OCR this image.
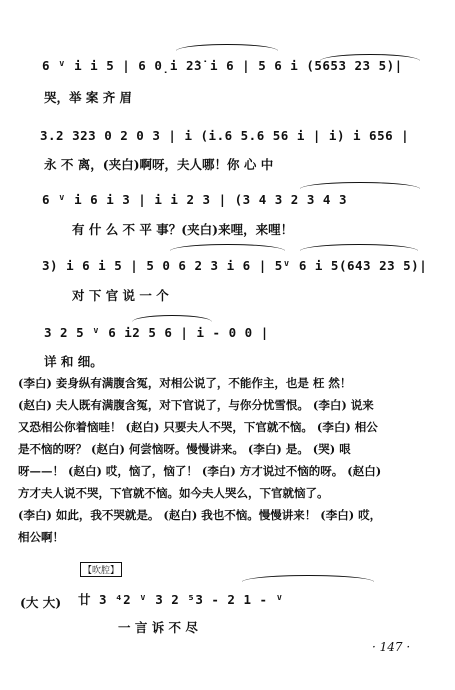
6 ⱽ i i 5 | 6 0̣i 2̇3̇ i 6 | 5 6 i (5653 23 5)|
哭，举 案 齐 眉
3.2 323 0 2 0 3 | i (i.6 5.6 56 i | i) i 656 |
永 不 离，(夹白)啊呀，夫人哪！你 心 中
6 ⱽ i 6 i 3 | i i 2 3 | (3 4 3 2 3 4 3
有 什 么 不 平 事？(夹白)来哩，来哩！
3) i 6 i 5 | 5 0 6 2 3 i 6 | 5ⱽ 6 i 5(643 23 5)|
对 下 官 说 一 个
3 2 5 ⱽ 6 i2 5 6 | i - 0 0 |
详 和 细。
(李白) 妾身纵有满腹含冤，对相公说了，不能作主，也是 枉 然！
(赵白) 夫人既有满腹含冤，对下官说了，与你分忧雪恨。 (李白) 说来
又恐相公你着恼哇！ (赵白) 只要夫人不哭，下官就不恼。 (李白) 相公
是不恼的呀？ (赵白) 何尝恼呀。慢慢讲来。 (李白) 是。 (哭) 哏
呀——！ (赵白) 哎，恼了，恼了！ (李白) 方才说过不恼的呀。 (赵白)
方才夫人说不哭，下官就不恼。如今夫人哭么，下官就恼了。
(李白) 如此，我不哭就是。 (赵白) 我也不恼。慢慢讲来！ (李白) 哎，
相公啊！
【吹腔】
(大 大) 廿 3 ⁴2 ⱽ 3 2 ⁵3 - 2 1 - ⱽ
一 言 诉 不 尽
· 147 ·
